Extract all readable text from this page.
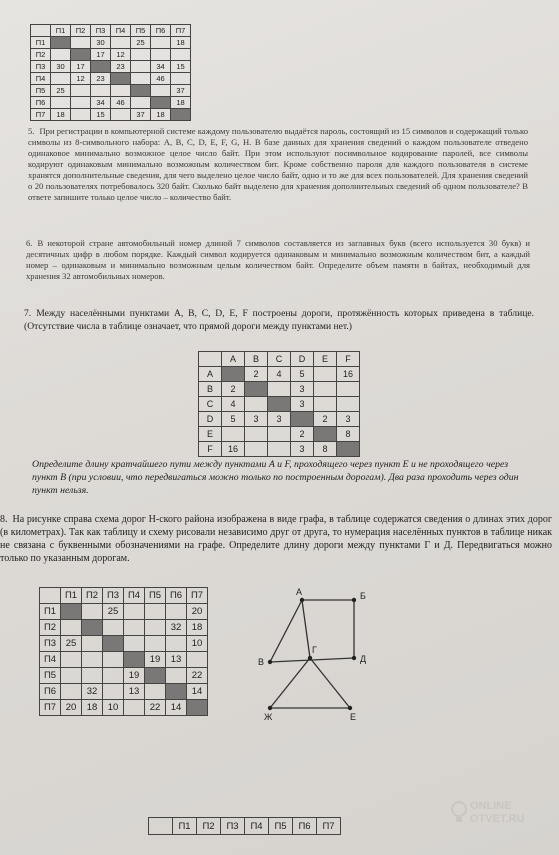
	П1	П2	П3	П4	П5	П6	П7
П1			30		25		18
П2			17	12			
П3	30	17		23		34	15
П4		12	23			46	
П5	25						37
П6			34	46			18
П7	18		15		37	18	
5. При регистрации в компьютерной системе каждому пользователю выдаётся пароль, состоящий из 15 символов и содержащий только символы из 8-символьного набора: A, B, C, D, E, F, G, H. В базе данных для хранения сведений о каждом пользователе отведено одинаковое минимально возможное целое число байт. При этом используют посимвольное кодирование паролей, все символы кодируют одинаковым минимально возможным количеством бит. Кроме собственно пароля для каждого пользователя в системе хранятся дополнительные сведения, для чего выделено целое число байт, одно и то же для всех пользователей. Для хранения сведений о 20 пользователях потребовалось 320 байт. Сколько байт выделено для хранения дополнительных сведений об одном пользователе? В ответе запишите только целое число – количество байт.
6. В некоторой стране автомобильный номер длиной 7 символов составляется из заглавных букв (всего используется 30 букв) и десятичных цифр в любом порядке. Каждый символ кодируется одинаковым и минимально возможным количеством бит, а каждый номер – одинаковым и минимально возможным целым количеством байт. Определите объем памяти в байтах, необходимый для хранения 32 автомобильных номеров.
7. Между населёнными пунктами A, B, C, D, E, F построены дороги, протяжённость которых приведена в таблице. (Отсутствие числа в таблице означает, что прямой дороги между пунктами нет.)
	A	B	C	D	E	F
A		2	4	5		16
B	2			3		
C	4			3		
D	5	3	3		2	3
E				2		8
F	16			3	8	
Определите длину кратчайшего пути между пунктами A и F, проходящего через пункт E и не проходящего через пункт B (при условии, что передвигаться можно только по построенным дорогам). Два раза проходить через один пункт нельзя.
8. На рисунке справа схема дорог Н-ского района изображена в виде графа, в таблице содержатся сведения о длинах этих дорог (в километрах). Так как таблицу и схему рисовали независимо друг от друга, то нумерация населённых пунктов в таблице никак не связана с буквенными обозначениями на графе. Определите длину дороги между пунктами Г и Д. Передвигаться можно только по указанным дорогам.
	П1	П2	П3	П4	П5	П6	П7
П1			25				20
П2						32	18
П3	25						10
П4					19	13	
П5				19			22
П6		32		13			14
П7	20	18	10		22	14	
А	Б
В
Г
Д
Ж	Е
	П1	П2	П3	П4	П5	П6	П7
ONLINE
OTVET.RU
